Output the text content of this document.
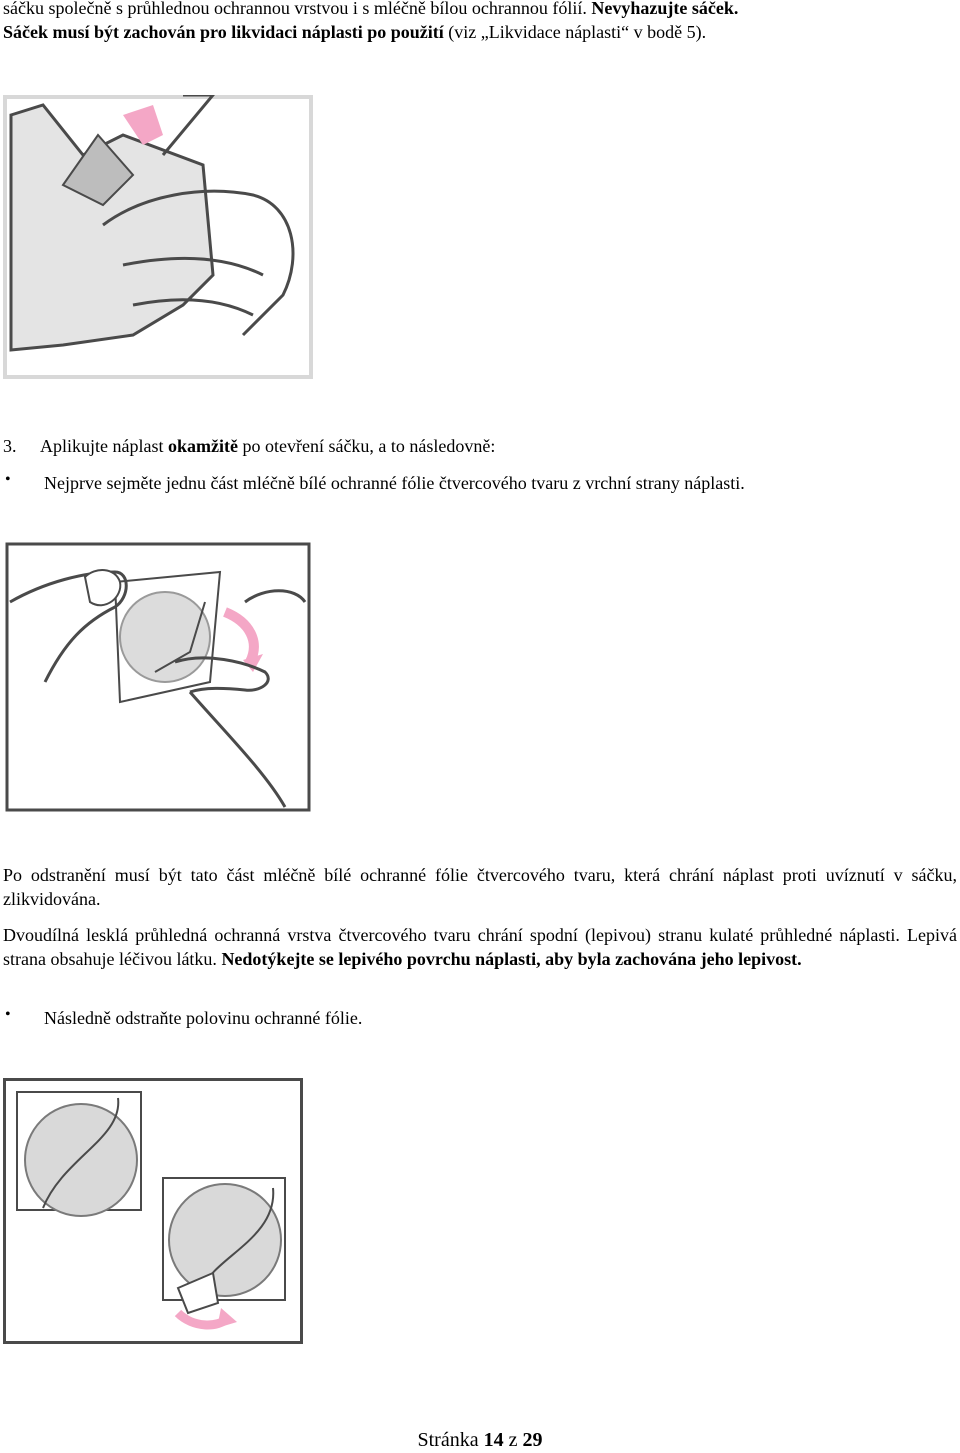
sáčku společně s průhlednou ochrannou vrstvou i s mléčně bílou ochrannou fólií. Nevyhazujte sáček.
Sáček musí být zachován pro likvidaci náplasti po použití (viz „Likvidace náplasti“ v bodě 5).
3. Aplikujte náplast okamžitě po otevření sáčku, a to následovně:
• Nejprve sejměte jednu část mléčně bílé ochranné fólie čtvercového tvaru z vrchní strany náplasti.
Po odstranění musí být tato část mléčně bílé ochranné fólie čtvercového tvaru, která chrání náplast proti uvíznutí v sáčku, zlikvidována.
Dvoudílná lesklá průhledná ochranná vrstva čtvercového tvaru chrání spodní (lepivou) stranu kulaté průhledné náplasti. Lepivá strana obsahuje léčivou látku. Nedotýkejte se lepivého povrchu náplasti, aby byla zachována jeho lepivost.
• Následně odstraňte polovinu ochranné fólie.
Stránka 14 z 29
